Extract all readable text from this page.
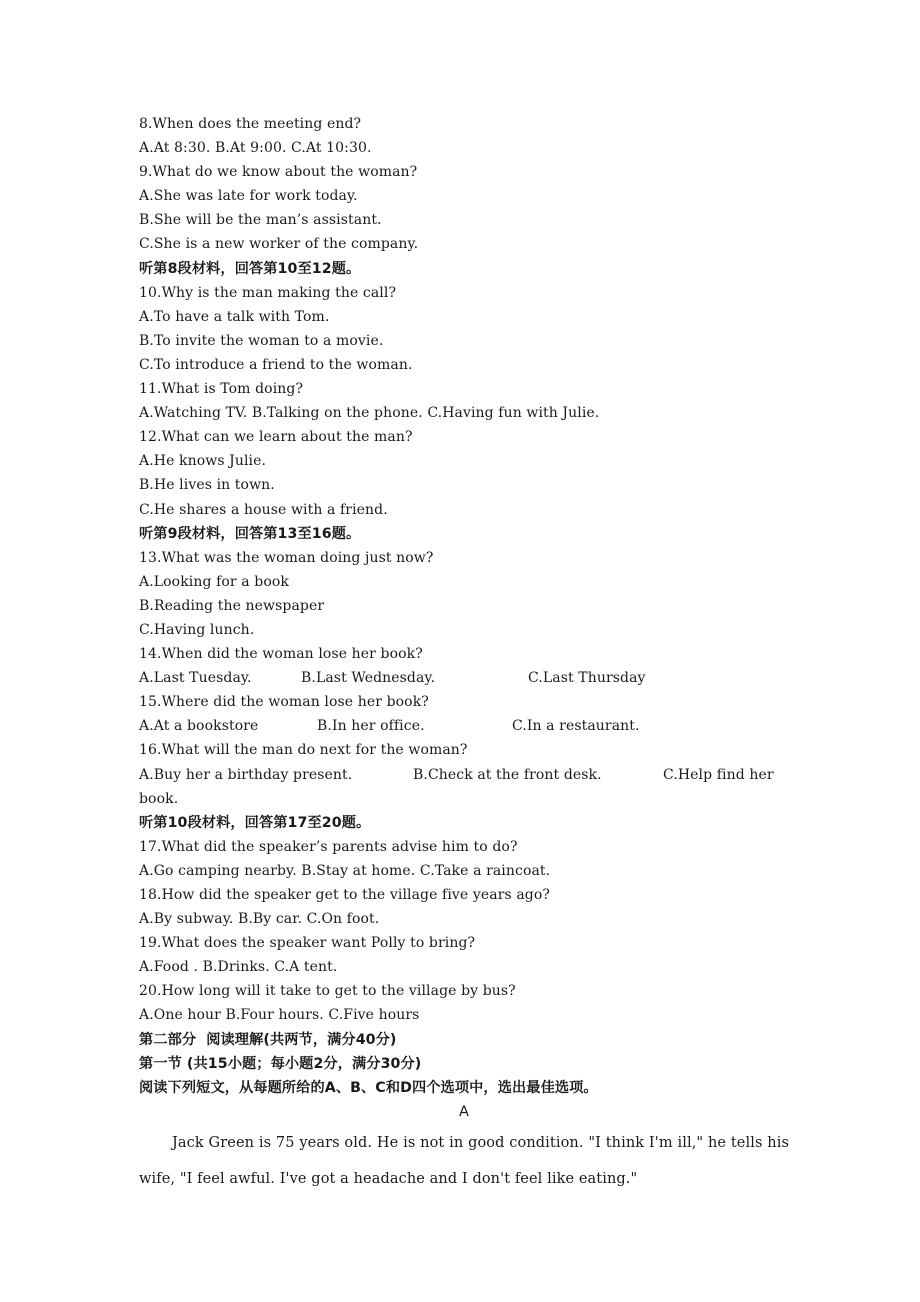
8.When does the meeting end?
A.At 8:30. B.At 9:00. C.At 10:30.
9.What do we know about the woman?
A.She was late for work today.
B.She will be the man’s assistant.
C.She is a new worker of the company.
听第8段材料，回答第10至12题。
10.Why is the man making the call?
A.To have a talk with Tom.
B.To invite the woman to a movie.
C.To introduce a friend to the woman.
11.What is Tom doing?
A.Watching TV. B.Talking on the phone. C.Having fun with Julie.
12.What can we learn about the man?
A.He knows Julie.
B.He lives in town.
C.He shares a house with a friend.
听第9段材料，回答第13至16题。
13.What was the woman doing just now?
A.Looking for a book
B.Reading the newspaper
C.Having lunch.
14.When did the woman lose her book?
A.Last Tuesday.	B.Last Wednesday.	C.Last Thursday
15.Where did the woman lose her book?
A.At a bookstore	B.In her office.	C.In a restaurant.
16.What will the man do next for the woman?
A.Buy her a birthday present.	B.Check at the front desk.	C.Help find her
book.
听第10段材料，回答第17至20题。
17.What did the speaker’s parents advise him to do?
A.Go camping nearby. B.Stay at home. C.Take a raincoat.
18.How did the speaker get to the village five years ago?
A.By subway. B.By car. C.On foot.
19.What does the speaker want Polly to bring?
A.Food . B.Drinks. C.A tent.
20.How long will it take to get to the village by bus?
A.One hour B.Four hours. C.Five hours
第二部分  阅读理解(共两节，满分40分)
第一节 (共15小题；每小题2分，满分30分)
阅读下列短文，从每题所给的A、B、C和D四个选项中，选出最佳选项。
A
Jack Green is 75 years old. He is not in good condition. "I think I'm ill," he tells his wife, "I feel awful. I've got a headache and I don't feel like eating."
